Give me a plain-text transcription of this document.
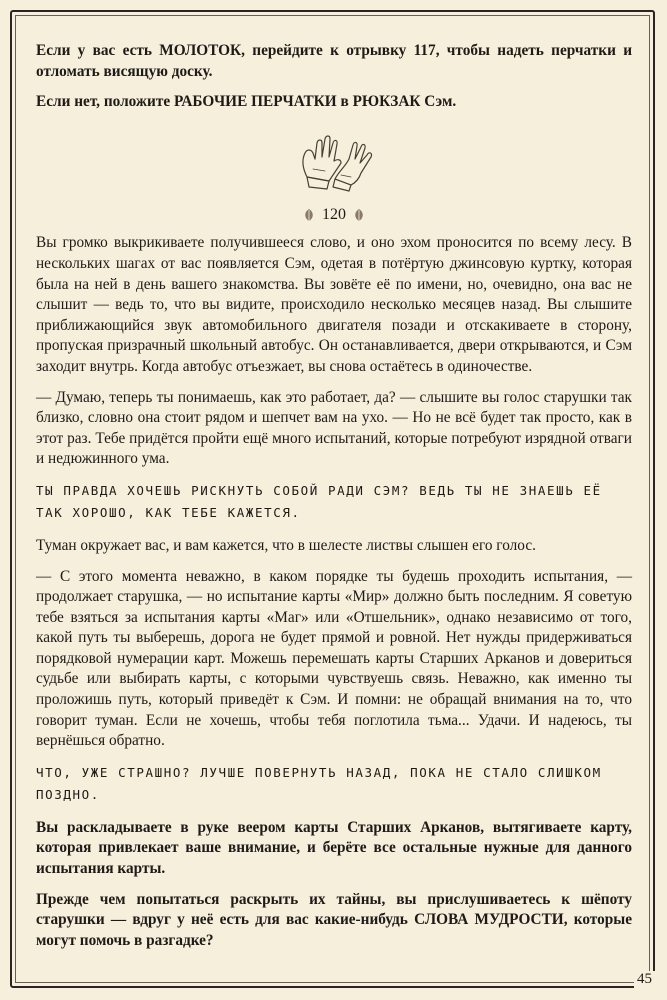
Если у вас есть МОЛОТОК, перейдите к отрывку 117, чтобы надеть перчатки и отломать висящую доску.

Если нет, положите РАБОЧИЕ ПЕРЧАТКИ в РЮКЗАК Сэм.

120

Вы громко выкрикиваете получившееся слово, и оно эхом проносится по всему лесу. В нескольких шагах от вас появляется Сэм, одетая в потёртую джинсовую куртку, которая была на ней в день вашего знакомства. Вы зовёте её по имени, но, очевидно, она вас не слышит — ведь то, что вы видите, происходило несколько месяцев назад. Вы слышите приближающийся звук автомобильного двигателя позади и отскакиваете в сторону, пропуская призрачный школьный автобус. Он останавливается, двери открываются, и Сэм заходит внутрь. Когда автобус отъезжает, вы снова остаётесь в одиночестве.

— Думаю, теперь ты понимаешь, как это работает, да? — слышите вы голос старушки так близко, словно она стоит рядом и шепчет вам на ухо. — Но не всё будет так просто, как в этот раз. Тебе придётся пройти ещё много испытаний, которые потребуют изрядной отваги и недюжинного ума.

ТЫ ПРАВДА ХОЧЕШЬ РИСКНУТЬ СОБОЙ РАДИ СЭМ? ВЕДЬ ТЫ НЕ ЗНАЕШЬ ЕЁ ТАК ХОРОШО, КАК ТЕБЕ КАЖЕТСЯ.

Туман окружает вас, и вам кажется, что в шелесте листвы слышен его голос.

— С этого момента неважно, в каком порядке ты будешь проходить испытания, — продолжает старушка, — но испытание карты «Мир» должно быть последним. Я советую тебе взяться за испытания карты «Маг» или «Отшельник», однако независимо от того, какой путь ты выберешь, дорога не будет прямой и ровной. Нет нужды придерживаться порядковой нумерации карт. Можешь перемешать карты Старших Арканов и довериться судьбе или выбирать карты, с которыми чувствуешь связь. Неважно, как именно ты проложишь путь, который приведёт к Сэм. И помни: не обращай внимания на то, что говорит туман. Если не хочешь, чтобы тебя поглотила тьма... Удачи. И надеюсь, ты вернёшься обратно.

ЧТО, УЖЕ СТРАШНО? ЛУЧШЕ ПОВЕРНУТЬ НАЗАД, ПОКА НЕ СТАЛО СЛИШКОМ ПОЗДНО.

Вы раскладываете в руке веером карты Старших Арканов, вытягиваете карту, которая привлекает ваше внимание, и берёте все остальные нужные для данного испытания карты.

Прежде чем попытаться раскрыть их тайны, вы прислушиваетесь к шёпоту старушки — вдруг у неё есть для вас какие-нибудь СЛОВА МУДРОСТИ, которые могут помочь в разгадке?

45
